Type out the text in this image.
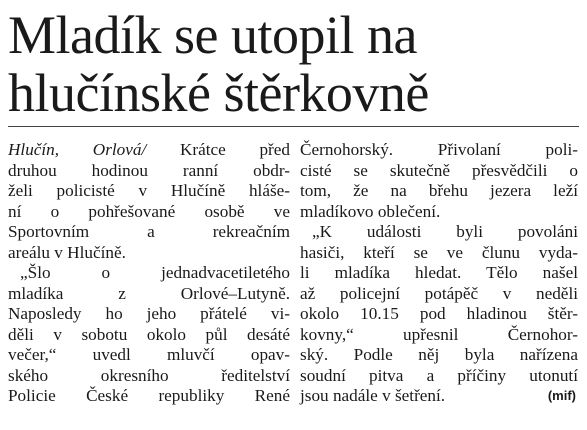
Mladík se utopil na
hlučínské štěrkovně
Hlučín, Orlová/ Krátce před
druhou hodinou ranní obdr-
želi policisté v Hlučíně hláše-
ní o pohřešované osobě ve
Sportovním a rekreačním
areálu v Hlučíně.
„Šlo o jednadvacetiletého
mladíka z Orlové–Lutyně.
Naposledy ho jeho přátelé vi-
děli v sobotu okolo půl desáté
večer,“ uvedl mluvčí opav-
ského okresního ředitelství
Policie České republiky René
Černohorský. Přivolaní poli-
cisté se skutečně přesvědčili o
tom, že na břehu jezera leží
mladíkovo oblečení.
„K události byli povoláni
hasiči, kteří se ve člunu vyda-
li mladíka hledat. Tělo našel
až policejní potápěč v neděli
okolo 10.15 pod hladinou štěr-
kovny,“ upřesnil Černohor-
ský. Podle něj byla nařízena
soudní pitva a příčiny utonutí
jsou nadále v šetření.	(mif)
